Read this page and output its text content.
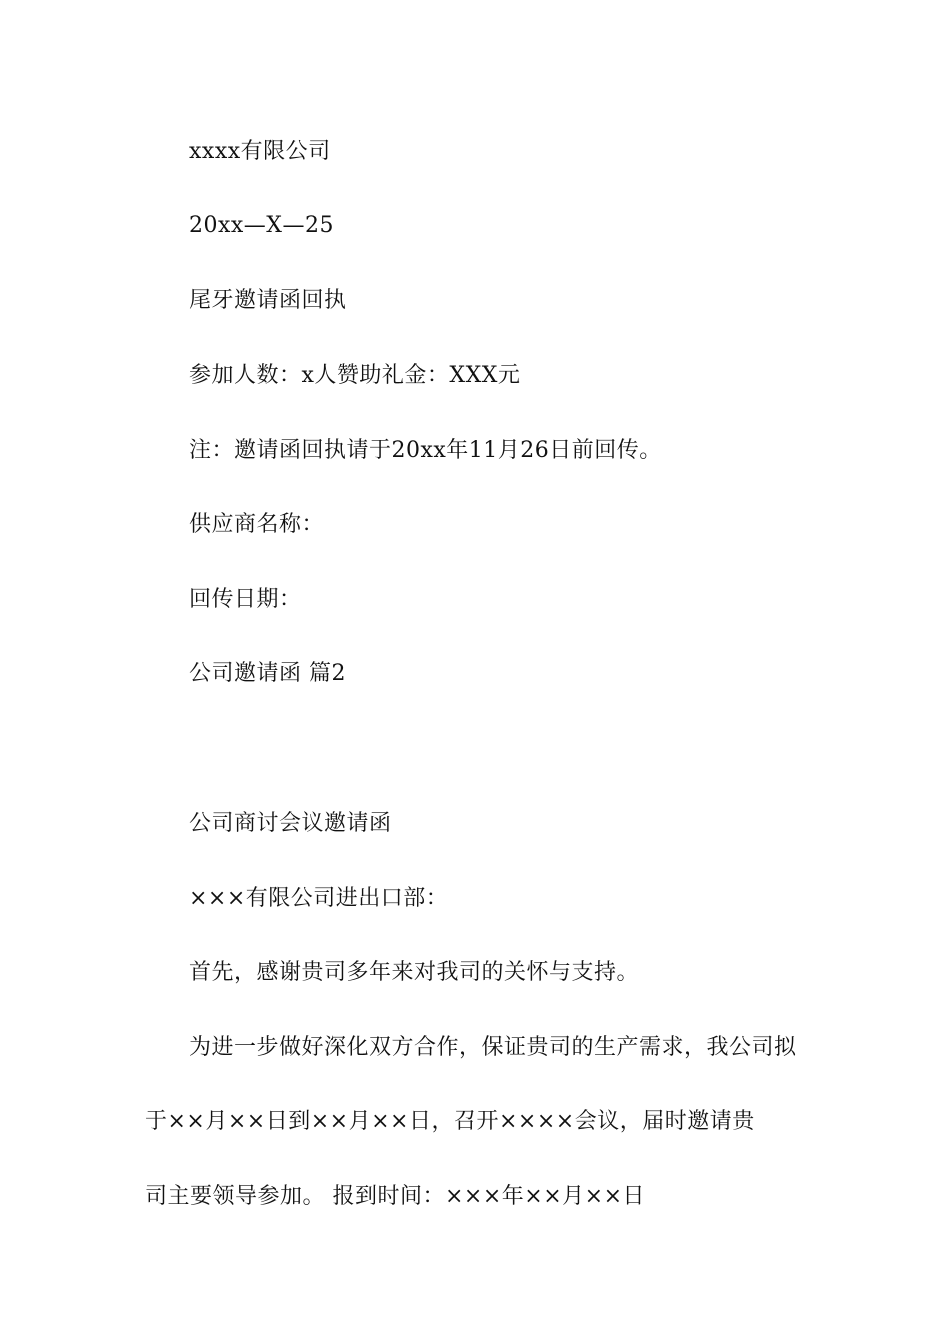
xxxx有限公司
20xx—X—25
尾牙邀请函回执
参加人数：x人赞助礼金：XXX元
注：邀请函回执请于20xx年11月26日前回传。
供应商名称：
回传日期：
公司邀请函 篇2
公司商讨会议邀请函
×××有限公司进出口部：
首先，感谢贵司多年来对我司的关怀与支持。
为进一步做好深化双方合作，保证贵司的生产需求，我公司拟
于××月××日到××月××日，召开××××会议，届时邀请贵
司主要领导参加。 报到时间：×××年××月××日
